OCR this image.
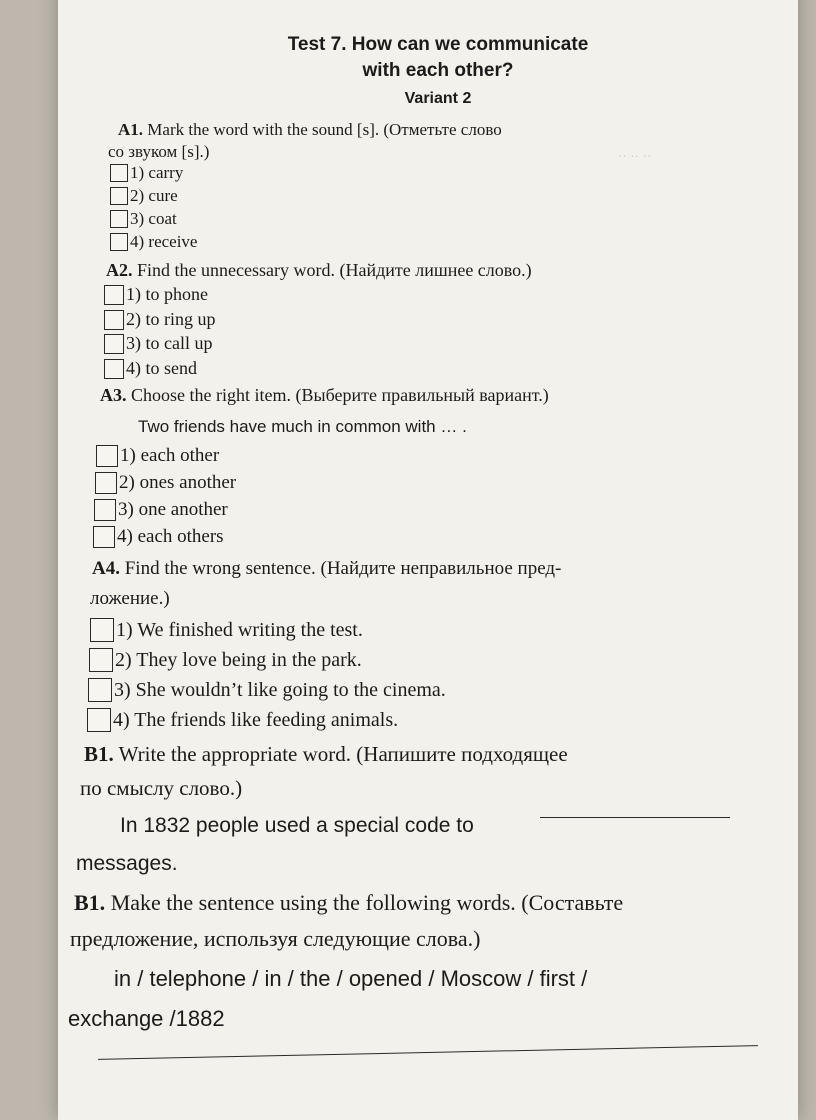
·· ·· ··
Test 7. How can we communicate
with each other?
Variant 2
A1. Mark the word with the sound [s]. (Отметьте слово
со звуком [s].)
1) carry
2) cure
3) coat
4) receive
A2. Find the unnecessary word. (Найдите лишнее слово.)
1) to phone
2) to ring up
3) to call up
4) to send
A3. Choose the right item. (Выберите правильный вариант.)
Two friends have much in common with … .
1) each other
2) ones another
3) one another
4) each others
A4. Find the wrong sentence. (Найдите неправильное пред-
ложение.)
1) We finished writing the test.
2) They love being in the park.
3) She wouldn’t like going to the cinema.
4) The friends like feeding animals.
B1. Write the appropriate word. (Напишите подходящее
по смыслу слово.)
In 1832 people used a special code to
messages.
B1. Make the sentence using the following words. (Составьте
предложение, используя следующие слова.)
in / telephone / in / the / opened / Moscow / first /
exchange /1882
